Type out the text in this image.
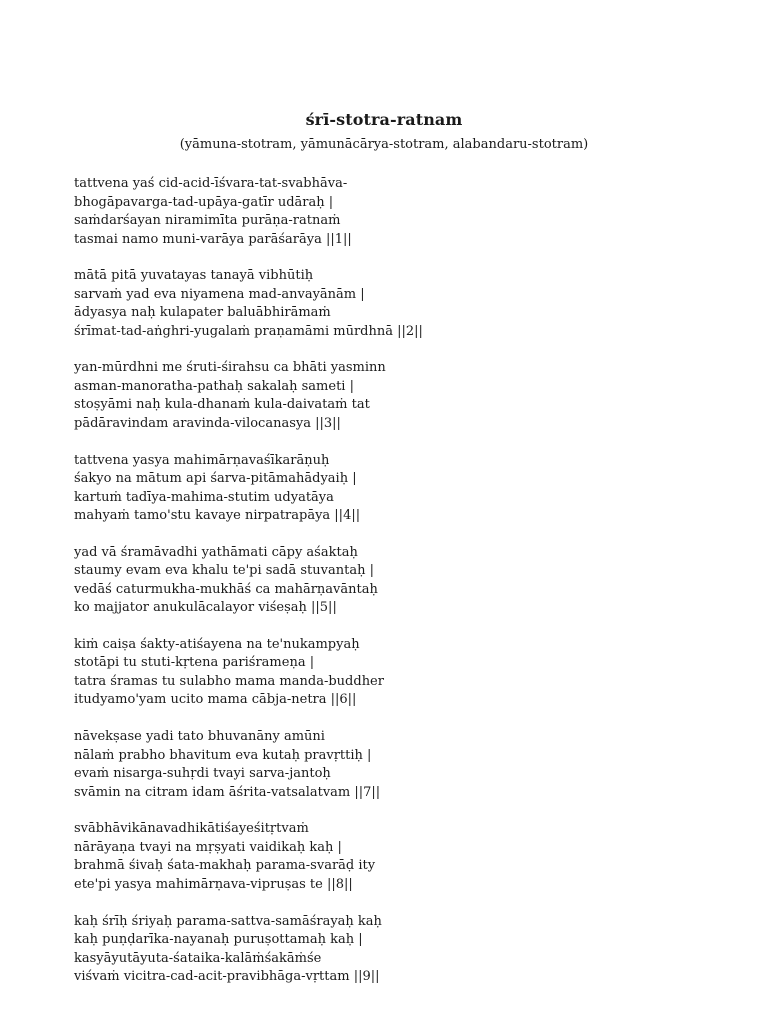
śrī-stotra-ratnam
(yāmuna-stotram, yāmunācārya-stotram, alabandaru-stotram)
tattvena yaś cid-acid-īśvara-tat-svabhāva-
bhogāpavarga-tad-upāya-gatīr udāraḥ |
saṁdarśayan niramimīta purāṇa-ratnaṁ
tasmai namo muni-varāya parāśarāya ||1||
mātā pitā yuvatayas tanayā vibhūtiḥ
sarvaṁ yad eva niyamena mad-anvayānām |
ādyasya naḥ kulapater baluābhirāmaṁ
śrīmat-tad-aṅghri-yugalaṁ praṇamāmi mūrdhnā ||2||
yan-mūrdhni me śruti-śirahsu ca bhāti yasminn
asman-manoratha-pathaḥ sakalaḥ sameti |
stoṣyāmi naḥ kula-dhanaṁ kula-daivataṁ tat
pādāravindam aravinda-vilocanasya ||3||
tattvena yasya mahimārṇavaśīkarāṇuḥ
śakyo na mātum api śarva-pitāmahādyaiḥ |
kartuṁ tadīya-mahima-stutim udyatāya
mahyaṁ tamo'stu kavaye nirpatrapāya ||4||
yad vā śramāvadhi yathāmati cāpy aśaktaḥ
staumy evam eva khalu te'pi sadā stuvantaḥ |
vedāś caturmukha-mukhāś ca mahārṇavāntaḥ
ko majjator anukulācalayor viśeṣaḥ ||5||
kiṁ caiṣa śakty-atiśayena na te'nukampyaḥ
stotāpi tu stuti-kṛtena pariśrameṇa |
tatra śramas tu sulabho mama manda-buddher
itudyamo'yam ucito mama cābja-netra ||6||
nāvekṣase yadi tato bhuvanāny amūni
nālaṁ prabho bhavitum eva kutaḥ pravṛttiḥ |
evaṁ nisarga-suhṛdi tvayi sarva-jantoḥ
svāmin na citram idam āśrita-vatsalatvam ||7||
svābhāvikānavadhikātiśayeśitṛtvaṁ
nārāyaṇa tvayi na mṛṣyati vaidikaḥ kaḥ |
brahmā śivaḥ śata-makhaḥ parama-svarāḍ ity
ete'pi yasya mahimārṇava-vipruṣas te ||8||
kaḥ śrīḥ śriyaḥ parama-sattva-samāśrayaḥ kaḥ
kaḥ puṇḍarīka-nayanaḥ puruṣottamaḥ kaḥ |
kasyāyutāyuta-śataika-kalāṁśakāṁśe
viśvaṁ vicitra-cad-acit-pravibhāga-vṛttam ||9||
